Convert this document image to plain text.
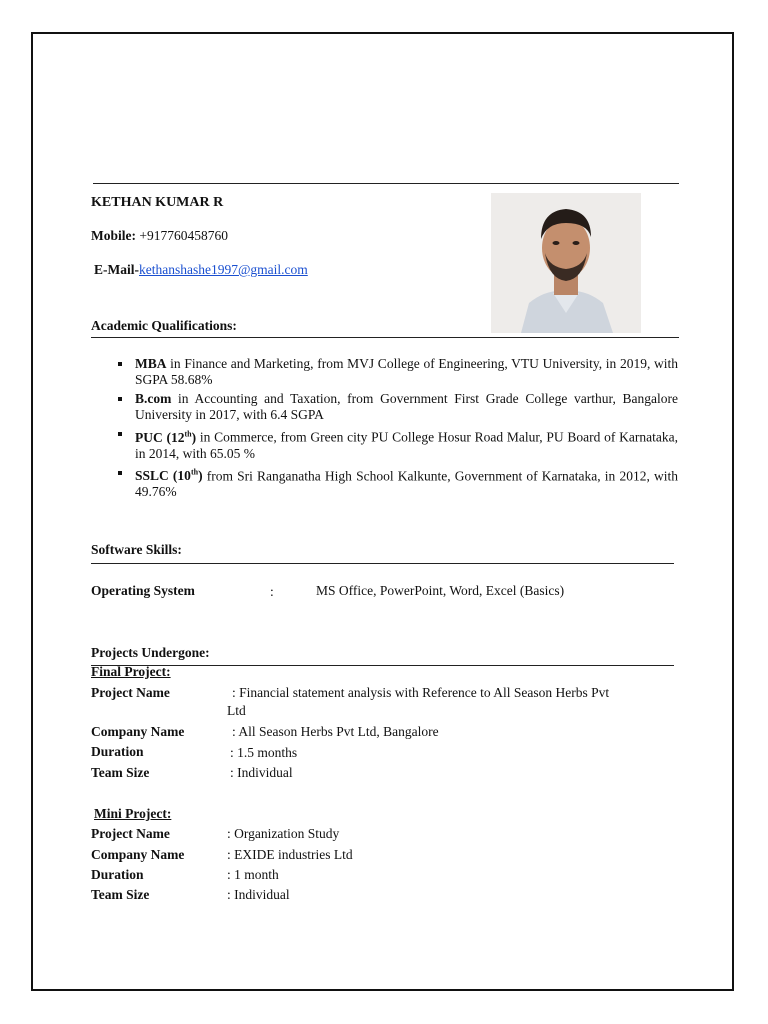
KETHAN KUMAR R
Mobile: +917760458760
E-Mail-kethanshashe1997@gmail.com
Academic Qualifications:
MBA in Finance and Marketing, from MVJ College of Engineering, VTU University, in 2019, with SGPA 58.68%
B.com in Accounting and Taxation, from Government First Grade College varthur, Bangalore University in 2017, with 6.4 SGPA
PUC (12th) in Commerce, from Green city PU College Hosur Road Malur, PU Board of Karnataka, in 2014, with 65.05 %
SSLC (10th) from Sri Ranganatha High School Kalkunte, Government of Karnataka, in 2012, with 49.76%
Software Skills:
Operating System	:	MS Office, PowerPoint, Word, Excel (Basics)
Projects Undergone:
Final Project:
Project Name	: Financial statement analysis with Reference to All Season Herbs Pvt
Ltd
Company Name	: All Season Herbs Pvt Ltd, Bangalore
Duration	: 1.5 months
Team Size	: Individual
Mini Project:
Project Name	: Organization Study
Company Name	: EXIDE industries Ltd
Duration	: 1 month
Team Size	: Individual
